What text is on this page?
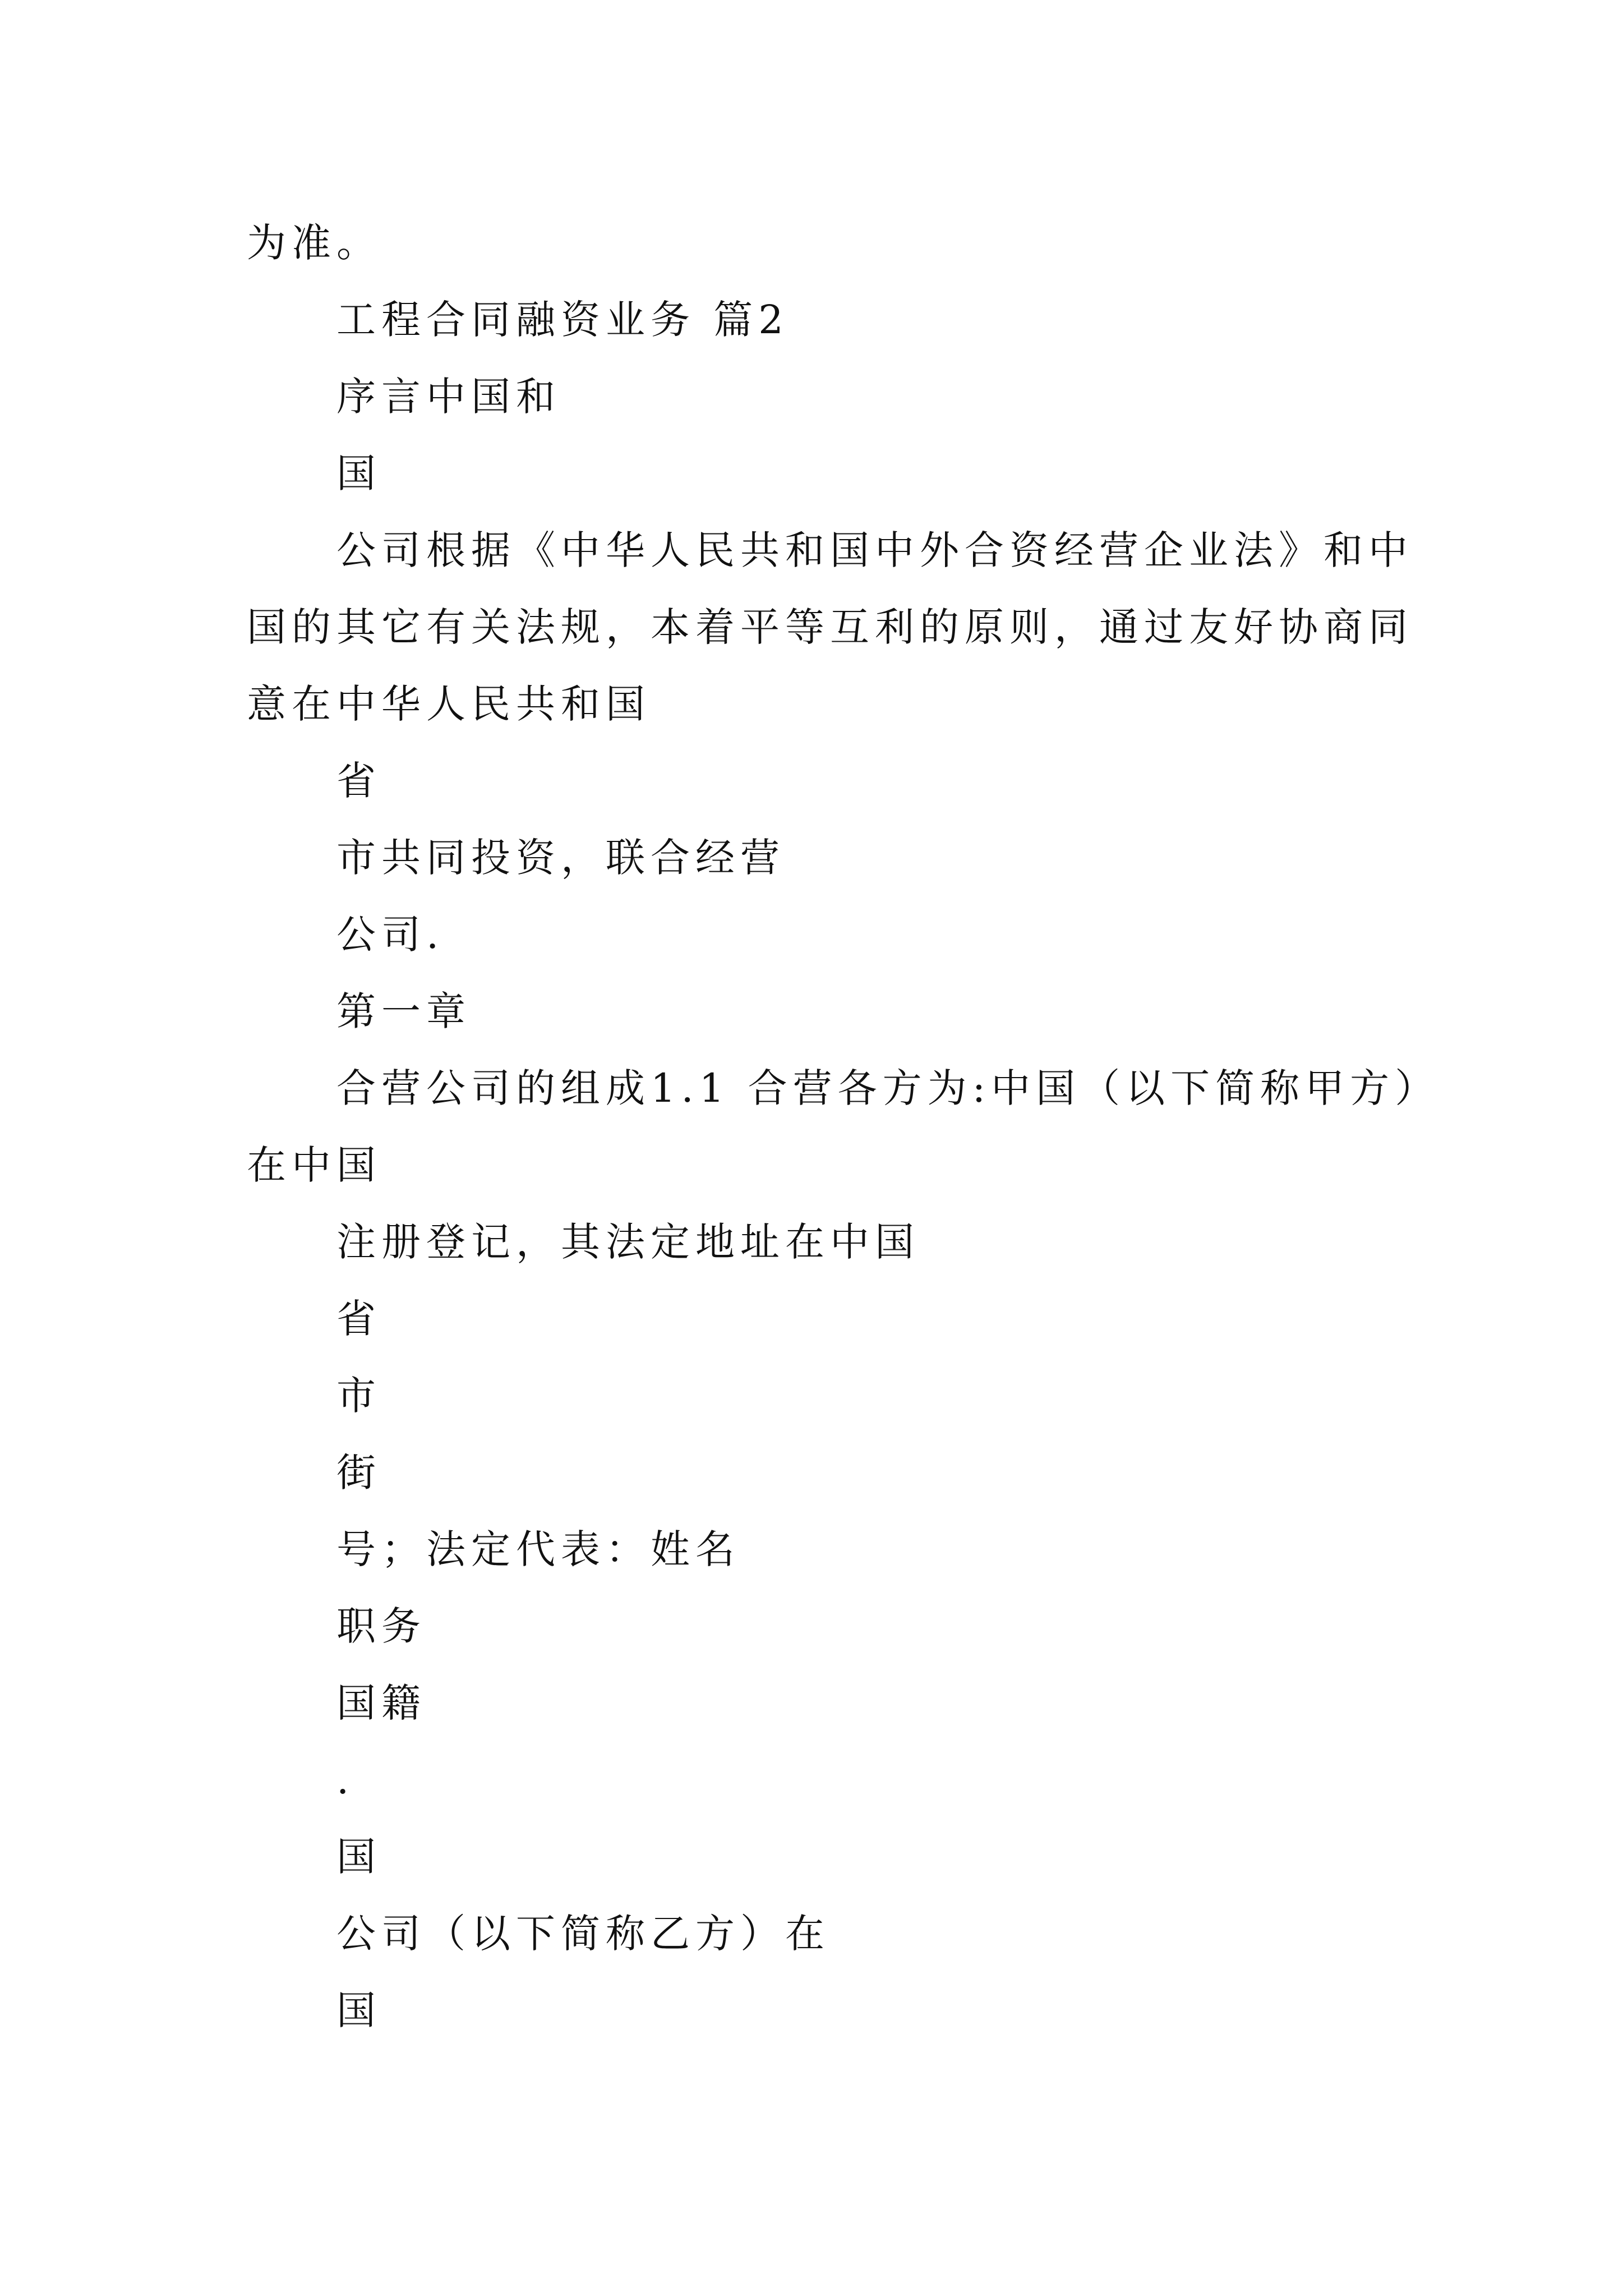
为准。
工程合同融资业务 篇2
序言中国和
国
公司根据《中华人民共和国中外合资经营企业法》和中
国的其它有关法规，本着平等互利的原则，通过友好协商同
意在中华人民共和国
省
市共同投资，联合经营
公司.
第一章
合营公司的组成1.1 合营各方为:中国（以下简称甲方）
在中国
注册登记，其法定地址在中国
省
市
街
号；法定代表：姓名
职务
国籍
.
国
公司（以下简称乙方）在
国
